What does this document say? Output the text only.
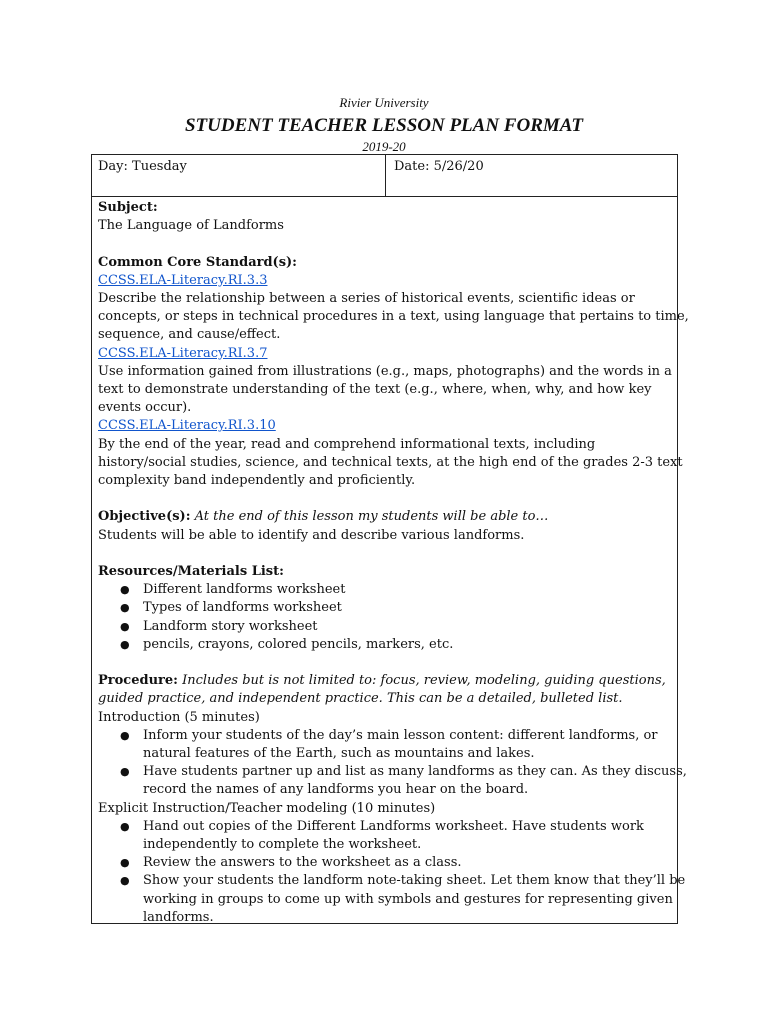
Rivier University
STUDENT TEACHER LESSON PLAN FORMAT
2019-20
Day: Tuesday	Date: 5/26/20
Subject:
The Language of Landforms
Common Core Standard(s):
CCSS.ELA-Literacy.RI.3.3
Describe the relationship between a series of historical events, scientific ideas or
concepts, or steps in technical procedures in a text, using language that pertains to time,
sequence, and cause/effect.
CCSS.ELA-Literacy.RI.3.7
Use information gained from illustrations (e.g., maps, photographs) and the words in a
text to demonstrate understanding of the text (e.g., where, when, why, and how key
events occur).
CCSS.ELA-Literacy.RI.3.10
By the end of the year, read and comprehend informational texts, including
history/social studies, science, and technical texts, at the high end of the grades 2-3 text
complexity band independently and proficiently.
Objective(s): At the end of this lesson my students will be able to…
Students will be able to identify and describe various landforms.
Resources/Materials List:
● Different landforms worksheet
● Types of landforms worksheet
● Landform story worksheet
● pencils, crayons, colored pencils, markers, etc.
Procedure: Includes but is not limited to: focus, review, modeling, guiding questions,
guided practice, and independent practice. This can be a detailed, bulleted list.
Introduction (5 minutes)
● Inform your students of the day’s main lesson content: different landforms, or
natural features of the Earth, such as mountains and lakes.
● Have students partner up and list as many landforms as they can. As they discuss,
record the names of any landforms you hear on the board.
Explicit Instruction/Teacher modeling (10 minutes)
● Hand out copies of the Different Landforms worksheet. Have students work
independently to complete the worksheet.
● Review the answers to the worksheet as a class.
● Show your students the landform note-taking sheet. Let them know that they’ll be
working in groups to come up with symbols and gestures for representing given
landforms.
